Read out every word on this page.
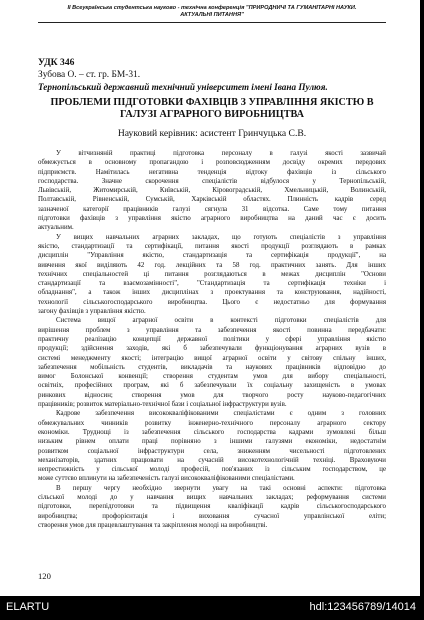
ІІ Всеукраїнська студентська науково - технічна конференція "ПРИРОДНИЧІ ТА ГУМАНІТАРНІ НАУКИ.
АКТУАЛЬНІ ПИТАННЯ"
УДК 346
Зубова О. – ст. гр. БМ-31.
Тернопільський державний технічний університет імені Івана Пулюя.
ПРОБЛЕМИ ПІДГОТОВКИ ФАХІВЦІВ З УПРАВЛІННЯ ЯКІСТЮ В
ГАЛУЗІ АГРАРНОГО ВИРОБНИЦТВА
Науковий керівник: асистент Гринчуцька С.В.
У вітчизняній практиці підготовка персоналу в галузі якості зазвичай
обмежується в основному пропагандою і розповсюдженням досвіду окремих передових
підприємств. Намітилась негативна тенденція відтоку фахівців із сільського
господарства. Значне скорочення спеціалістів відбулося у Тернопільській,
Львівській, Житомирській, Київській, Кіровоградській, Хмельницькій, Волинській,
Полтавській, Рівненській, Сумській, Харківській областях. Плинність кадрів серед
зазначеної категорії працівників галузі сягнула 31 відсотка. Саме тому питання
підготовки фахівців з управління якістю аграрного виробництва на даний час є досить
актуальним.
У вищих навчальних аграрних закладах, що готують спеціалістів з управління
якістю, стандартизації та сертифікації, питання якості продукції розглядають в рамках
дисциплін "Управління якістю, стандартизація та сертифікація продукції", на
вивчення якої виділяють 42 год. лекційних та 58 год. практичних занять. Для інших
технічних спеціальностей ці питання розглядаються в межах дисциплін "Основи
стандартизації та взаємозамінності", "Стандартизація та сертифікація техніки і
обладнання", а також інших дисциплінах з проектування та конструювання, надійності,
технології сільськогосподарського виробництва. Цього є недостатньо для формування
загону фахівців з управління якістю.
Система вищої аграрної освіти в контексті підготовки спеціалістів для
вирішення проблем з управління та забезпечення якості повинна передбачати:
практичну реалізацію концепції державної політики у сфері управління якістю
продукції; здійснення заходів, які б забезпечували функціонування аграрних вузів в
системі менеджменту якості; інтеграцію вищої аграрної освіти у світову спільну інших,
забезпечення мобільність студентів, викладачів та наукових працівників відповідно до
вимог Болонської конвенції; створення студентам умов для вибору спеціальності,
освітніх, професійних програм, які б забезпечували їх соціальну захищеність в умовах
ринкових відносин; створення умов для творчого росту науково-педагогічних
працівників; розвиток матеріально-технічної бази і соціальної інфраструктури вузів.
Кадрове забезпечення висококваліфікованими спеціалістами є одним з головних
обмежувальних чинників розвитку інженерно-технічного персоналу аграрного сектору
економіки. Труднощі із забезпечення сільського господарства кадрами зумовлені більш
низьким рівнем оплати праці порівняно з іншими галузями економіки, недостатнім
розвитком соціальної інфраструктури села, зниженням чисельності підготовлених
механізаторів, здатних працювати на сучасній високотехнологічній техніці. Враховуючи
непрестижність у сільської молоді професій, пов'язаних із сільським господарством, це
може суттєво вплинути на забезпеченість галузі висококваліфікованими спеціалістами.
В першу чергу необхідно звернути увагу на такі основні аспекти: підготовка
сільської молоді до у навчання вищих навчальних закладах; реформування системи
підготовки, перепідготовки та підвищення кваліфікації кадрів сільськогосподарського
виробництва; профорієнтація і виховання сучасної управлінської еліти;
створення умов для працевлаштування та закріплення молоді на виробництві.
120
ELARTU	hdl:123456789/14014
